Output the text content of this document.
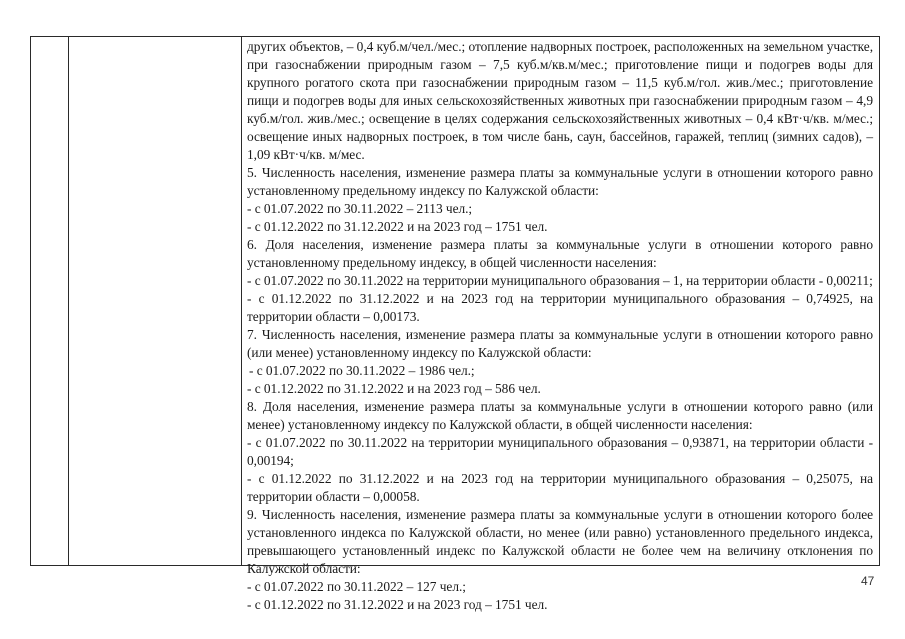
других объектов, – 0,4 куб.м/чел./мес.; отопление надворных построек, расположенных на земельном участке, при газоснабжении природным газом – 7,5 куб.м/кв.м/мес.; приготовление пищи и подогрев воды для крупного рогатого скота при газоснабжении природным газом – 11,5 куб.м/гол. жив./мес.; приготовление пищи и подогрев воды для иных сельскохозяйственных животных при газоснабжении природным газом – 4,9 куб.м/гол. жив./мес.; освещение в целях содержания сельскохозяйственных животных – 0,4 кВт·ч/кв. м/мес.; освещение иных надворных построек, в том числе бань, саун, бассейнов, гаражей, теплиц (зимних садов), – 1,09 кВт·ч/кв. м/мес.

5. Численность населения, изменение размера платы за коммунальные услуги в отношении которого равно установленному предельному индексу по Калужской области:

- с 01.07.2022 по 30.11.2022 – 2113 чел.;

- с 01.12.2022 по 31.12.2022 и на 2023 год – 1751 чел.

6. Доля населения, изменение размера платы за коммунальные услуги в отношении которого равно установленному предельному индексу, в общей численности населения:

- с 01.07.2022 по 30.11.2022 на территории муниципального образования – 1, на территории области - 0,00211;

- с 01.12.2022 по 31.12.2022 и на 2023 год на территории муниципального образования – 0,74925, на территории области – 0,00173.

7. Численность населения, изменение размера платы за коммунальные услуги в отношении которого равно (или менее) установленному индексу по Калужской области:

- с 01.07.2022 по 30.11.2022 – 1986 чел.;

- с 01.12.2022 по 31.12.2022 и на 2023 год – 586 чел.

8. Доля населения, изменение размера платы за коммунальные услуги в отношении которого равно (или менее) установленному индексу по Калужской области, в общей численности населения:

- с 01.07.2022 по 30.11.2022 на территории муниципального образования – 0,93871, на территории области - 0,00194;

- с 01.12.2022 по 31.12.2022 и на 2023 год на территории муниципального образования – 0,25075, на территории области – 0,00058.

9. Численность населения, изменение размера платы за коммунальные услуги в отношении которого более установленного индекса по Калужской области, но менее (или равно) установленного предельного индекса, превышающего установленный индекс по Калужской области не более чем на величину отклонения по Калужской области:

- с 01.07.2022 по 30.11.2022 – 127 чел.;

- с 01.12.2022 по 31.12.2022 и на 2023 год – 1751 чел.

47
